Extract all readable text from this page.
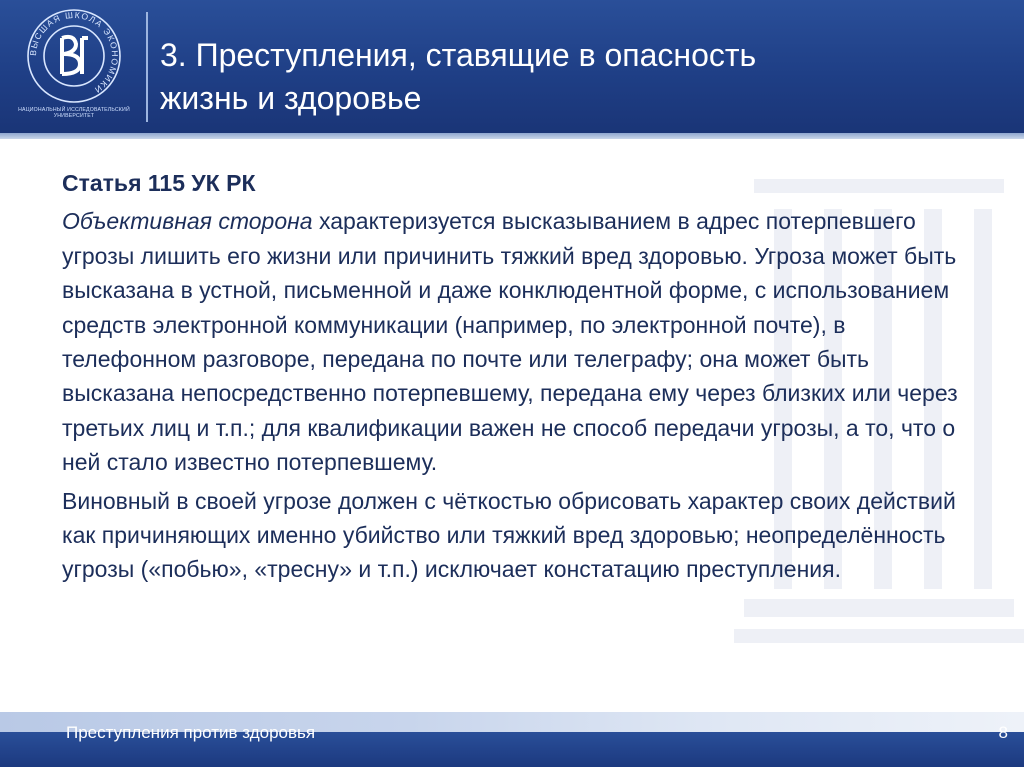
ВЫСШАЯ ШКОЛА ЭКОНОМИКИ
НАЦИОНАЛЬНЫЙ ИССЛЕДОВАТЕЛЬСКИЙ
УНИВЕРСИТЕТ
3. Преступления, ставящие в опасность
жизнь и здоровье

Статья 115 УК РК

Объективная сторона характеризуется высказыванием в адрес потерпевшего угрозы лишить его жизни или причинить тяжкий вред здоровью. Угроза может быть высказана в устной, письменной и даже конклюдентной форме, с использованием средств электронной коммуникации (например, по электронной почте), в телефонном разговоре, передана по почте или телеграфу; она может быть высказана непосредственно потерпевшему, передана ему через близких или через третьих лиц и т.п.; для квалификации важен не способ передачи угрозы, а то, что о ней стало известно потерпевшему.

Виновный в своей угрозе должен с чёткостью обрисовать характер своих действий как причиняющих именно убийство или тяжкий вред здоровью; неопределённость угрозы («побью», «тресну» и т.п.) исключает констатацию преступления.

Преступления против здоровья	8
